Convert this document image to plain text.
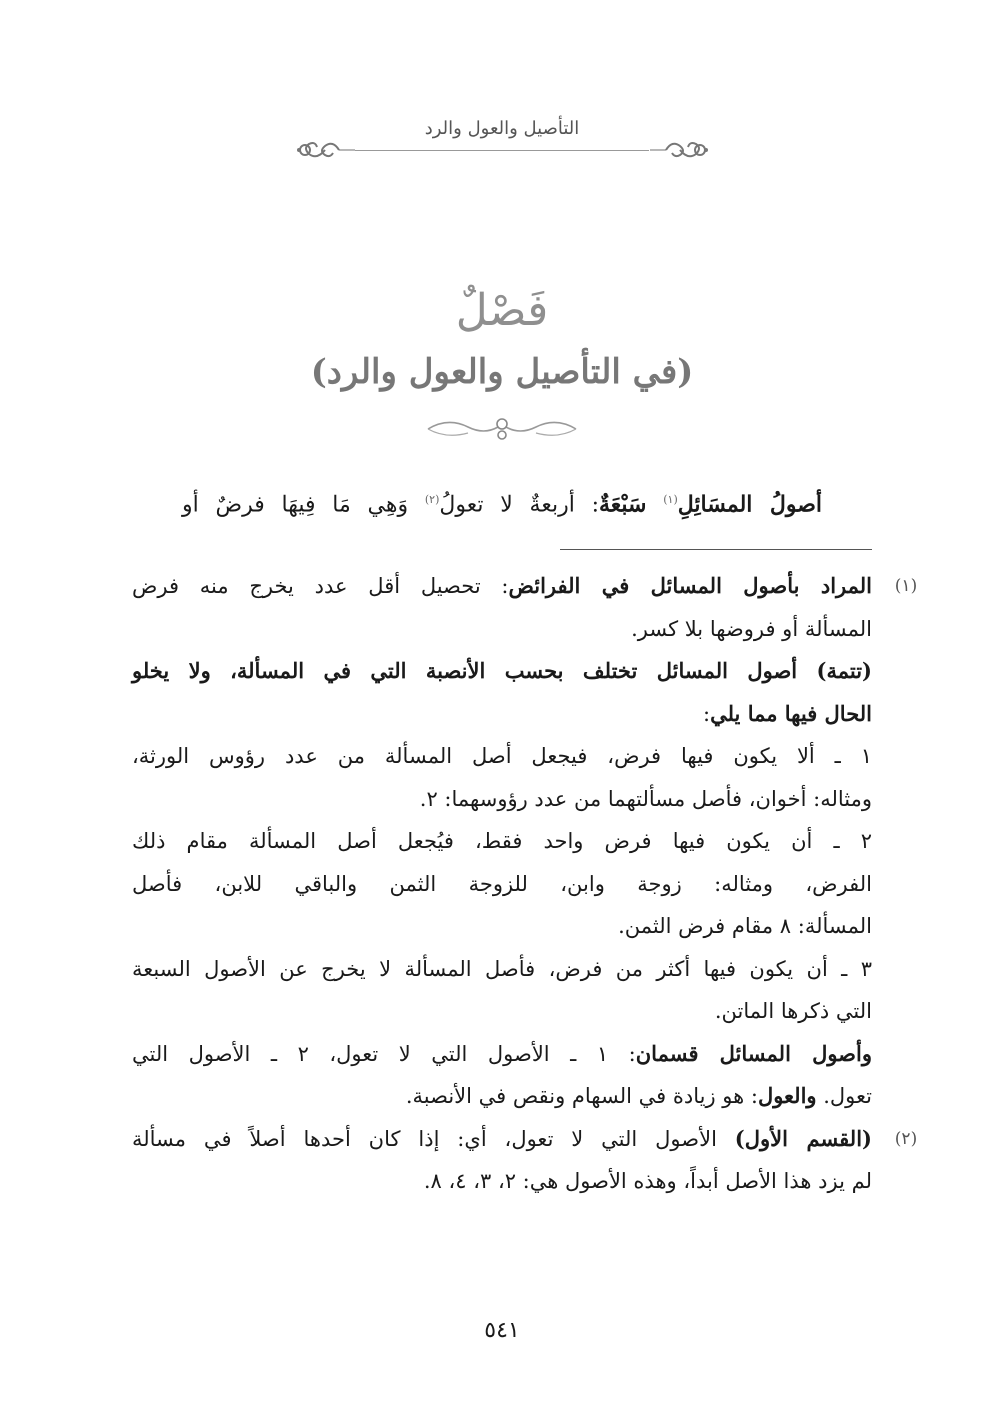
التأصيل والعول والرد
فَصْلٌ
(في التأصيل والعول والرد)
أصولُ المسَائِلِ$^{(١)}$ سَبْعَةٌ: أربعةٌ لا تعولُ$^{(٢)}$ وَهِي مَا فِيهَا فرضٌ أو
(١)
المراد بأصول المسائل في الفرائض: تحصيل أقل عدد يخرج منه فرض
المسألة أو فروضها بلا كسر.
(تتمة) أصول المسائل تختلف بحسب الأنصبة التي في المسألة، ولا يخلو
الحال فيها مما يلي:
١ ـ ألا يكون فيها فرض، فيجعل أصل المسألة من عدد رؤوس الورثة،
ومثاله: أخوان، فأصل مسألتهما من عدد رؤوسهما: ٢.
٢ ـ أن يكون فيها فرض واحد فقط، فيُجعل أصل المسألة مقام ذلك
الفرض، ومثاله: زوجة وابن، للزوجة الثمن والباقي للابن، فأصل
المسألة: ٨ مقام فرض الثمن.
٣ ـ أن يكون فيها أكثر من فرض، فأصل المسألة لا يخرج عن الأصول السبعة
التي ذكرها الماتن.
وأصول المسائل قسمان: ١ ـ الأصول التي لا تعول، ٢ ـ الأصول التي
تعول. والعول: هو زيادة في السهام ونقص في الأنصبة.
(٢)
(القسم الأول) الأصول التي لا تعول، أي: إذا كان أحدها أصلاً في مسألة
لم يزد هذا الأصل أبداً، وهذه الأصول هي: ٢، ٣، ٤، ٨.
٥٤١
